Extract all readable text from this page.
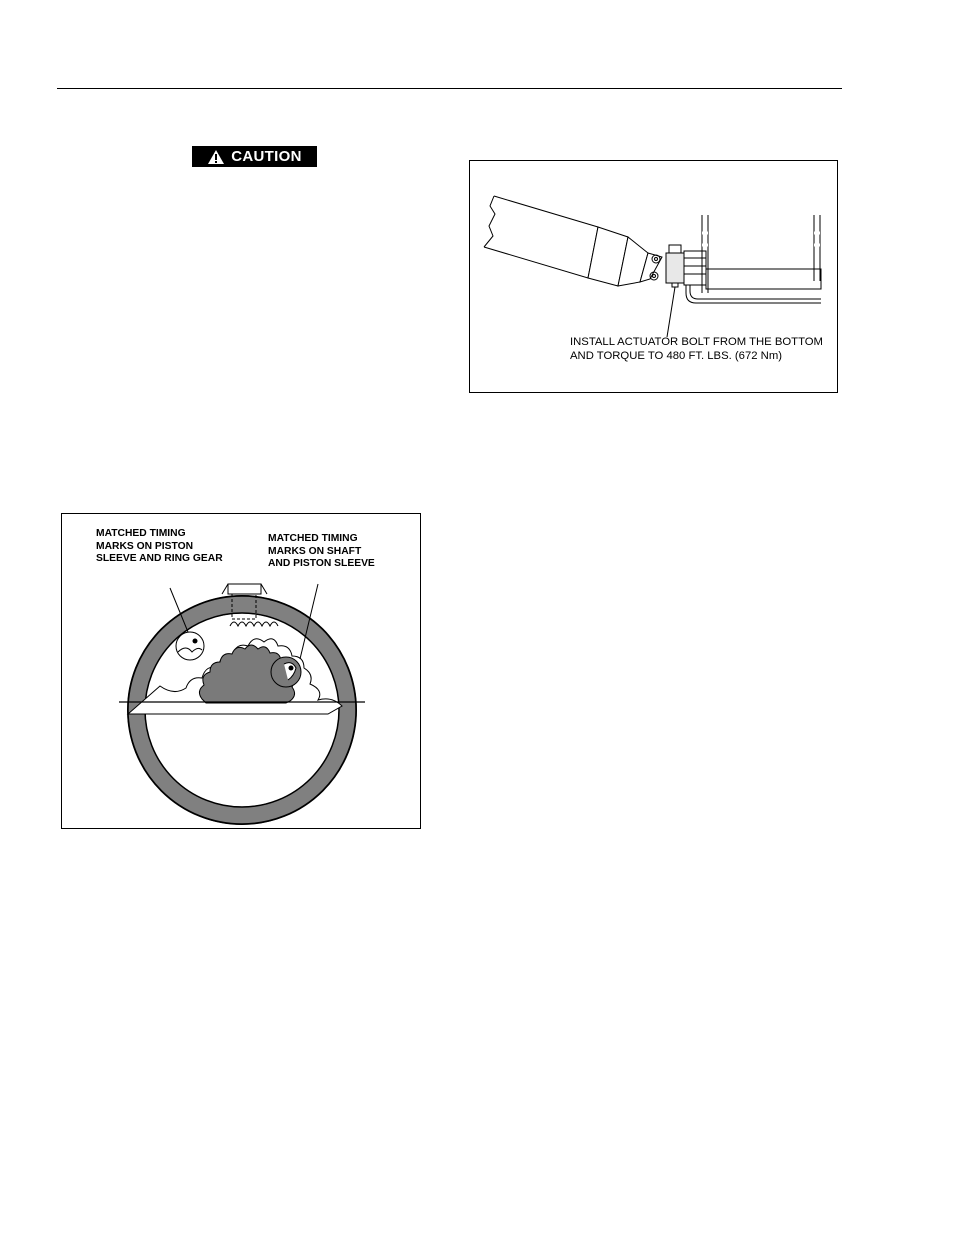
CAUTION
INSTALL ACTUATOR BOLT FROM THE BOTTOM
AND TORQUE TO 480 FT. LBS. (672 Nm)
MATCHED TIMING
MARKS ON PISTON
SLEEVE AND RING GEAR
MATCHED TIMING
MARKS ON SHAFT
AND PISTON SLEEVE
